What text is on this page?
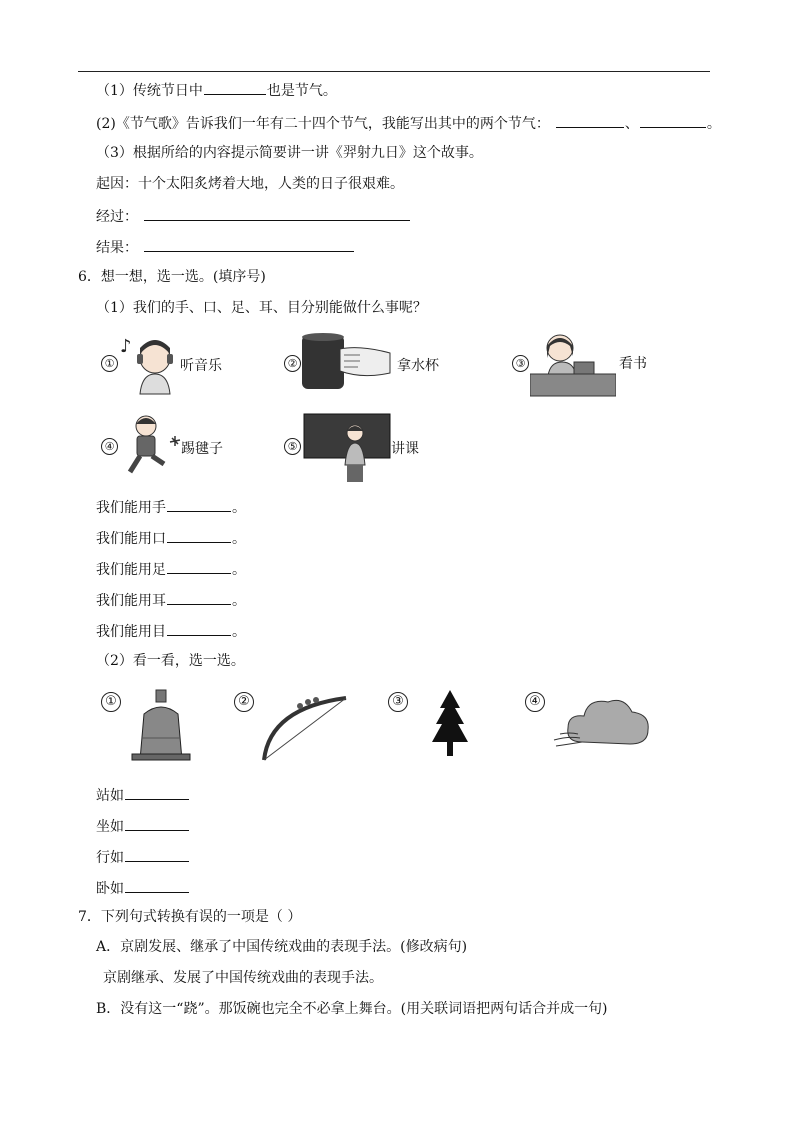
（1）传统节日中	也是节气。
(2)《节气歌》告诉我们一年有二十四个节气，我能写出其中的两个节气：	、	。
（3）根据所给的内容提示简要讲一讲《羿射九日》这个故事。
起因：十个太阳炙烤着大地，人类的日子很艰难。
经过：
结果：
6．想一想，选一选。(填序号)
（1）我们的手、口、足、耳、目分别能做什么事呢？
①
♪
听音乐	②	拿水杯	③	看书
④	踢毽子	⑤	讲课
我们能用手	。
我们能用口	。
我们能用足	。
我们能用耳	。
我们能用目	。
（2）看一看，选一选。
①	②	③	④
站如
坐如
行如
卧如
7．下列句式转换有误的一项是（ ）
A．京剧发展、继承了中国传统戏曲的表现手法。(修改病句)
京剧继承、发展了中国传统戏曲的表现手法。
B．没有这一“跷”。那饭碗也完全不必拿上舞台。(用关联词语把两句话合并成一句)
